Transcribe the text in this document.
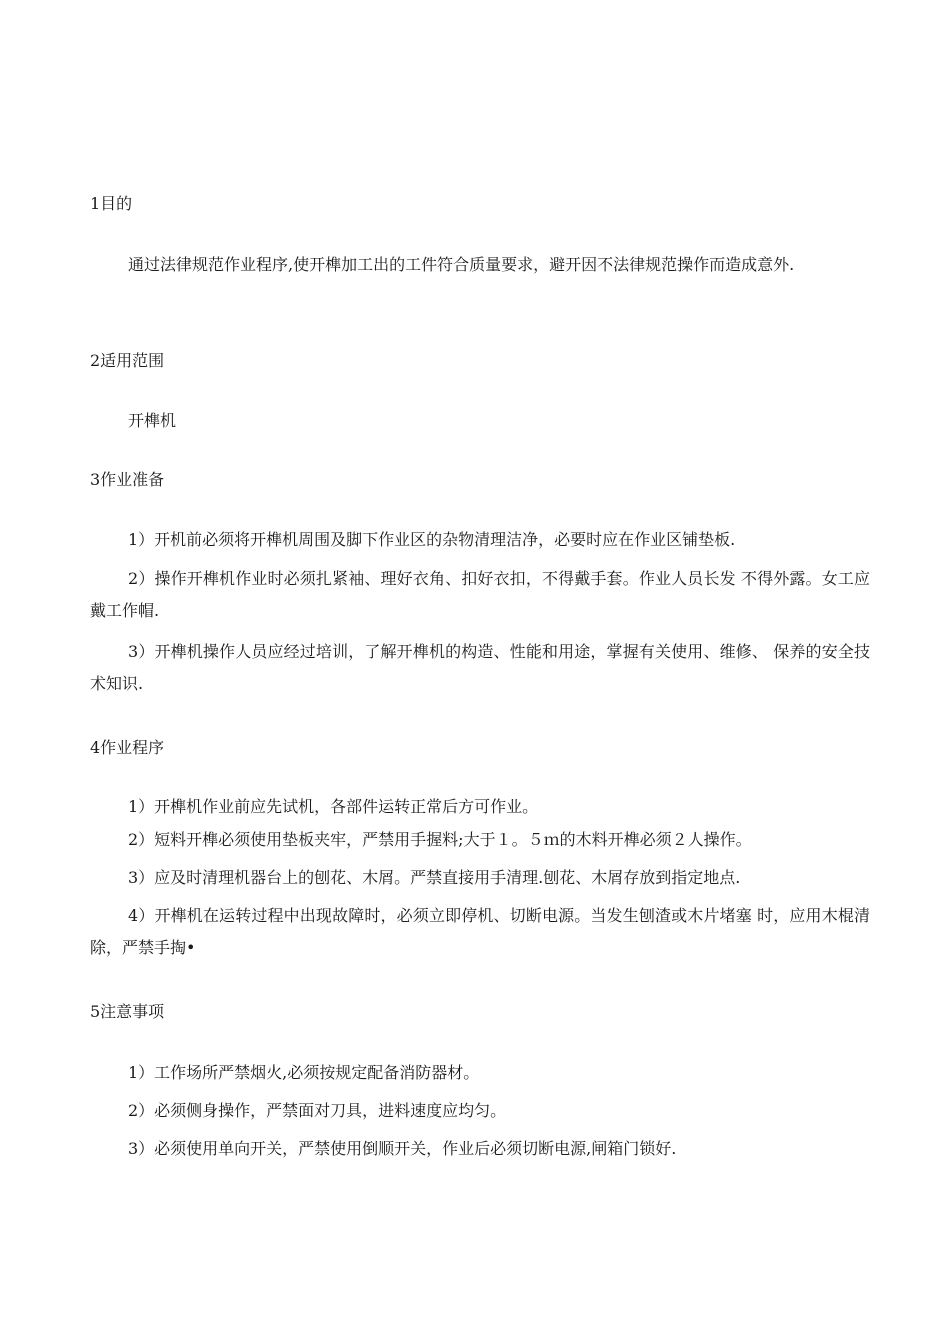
1目的
通过法律规范作业程序,使开榫加工出的工件符合质量要求，避开因不法律规范操作而造成意外.
2适用范围
开榫机
3作业准备
1）开机前必须将开榫机周围及脚下作业区的杂物清理洁净，必要时应在作业区铺垫板.
2）操作开榫机作业时必须扎紧袖、理好衣角、扣好衣扣，不得戴手套。作业人员长发 不得外露。女工应戴工作帽.
3）开榫机操作人员应经过培训，了解开榫机的构造、性能和用途，掌握有关使用、维修、 保养的安全技术知识.
4作业程序
1）开榫机作业前应先试机，各部件运转正常后方可作业。
2）短料开榫必须使用垫板夹牢，严禁用手握料;大于１。５ｍ的木料开榫必须２人操作。
3）应及时清理机器台上的刨花、木屑。严禁直接用手清理.刨花、木屑存放到指定地点.
4）开榫机在运转过程中出现故障时，必须立即停机、切断电源。当发生刨渣或木片堵塞 时，应用木棍清除，严禁手掏•
5注意事项
1）工作场所严禁烟火,必须按规定配备消防器材。
2）必须侧身操作，严禁面对刀具，进料速度应均匀。
3）必须使用单向开关，严禁使用倒顺开关，作业后必须切断电源,闸箱门锁好.
